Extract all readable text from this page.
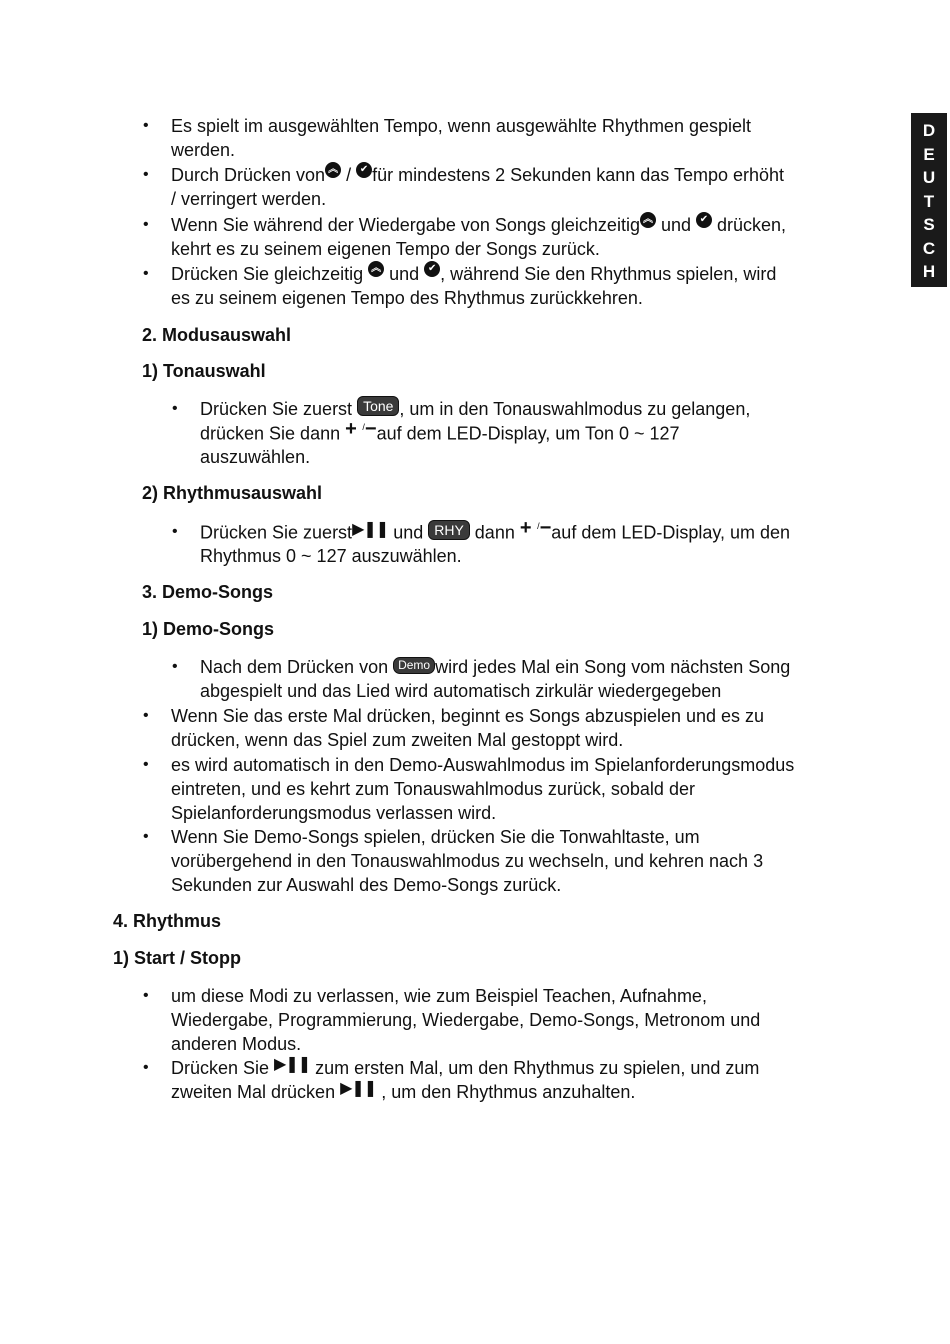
D
E
U
T
S
C
H
• Es spielt im ausgewählten Tempo, wenn ausgewählte Rhythmen gespielt
werden.
• Durch Drücken von ︽ / ✔ für mindestens 2 Sekunden kann das Tempo erhöht
/ verringert werden.
• Wenn Sie während der Wiedergabe von Songs gleichzeitig ︽ und ✔ drücken,
kehrt es zu seinem eigenen Tempo der Songs zurück.
• Drücken Sie gleichzeitig ︽ und ✔ , während Sie den Rhythmus spielen, wird
es zu seinem eigenen Tempo des Rhythmus zurückkehren.
2. Modusauswahl
1) Tonauswahl
• Drücken Sie zuerst Tone , um in den Tonauswahlmodus zu gelangen,
drücken Sie dann + /−auf dem LED-Display, um Ton 0 ~ 127
auszuwählen.
2) Rhythmusauswahl
• Drücken Sie zuerst▶❚❚ und RHY dann + /−auf dem LED-Display, um den
Rhythmus 0 ~ 127 auszuwählen.
3. Demo-Songs
1) Demo-Songs
• Nach dem Drücken von Demo wird jedes Mal ein Song vom nächsten Song
abgespielt und das Lied wird automatisch zirkulär wiedergegeben
• Wenn Sie das erste Mal drücken, beginnt es Songs abzuspielen und es zu
drücken, wenn das Spiel zum zweiten Mal gestoppt wird.
• es wird automatisch in den Demo-Auswahlmodus im Spielanforderungsmodus
eintreten, und es kehrt zum Tonauswahlmodus zurück, sobald der
Spielanforderungsmodus verlassen wird.
• Wenn Sie Demo-Songs spielen, drücken Sie die Tonwahltaste, um
vorübergehend in den Tonauswahlmodus zu wechseln, und kehren nach 3
Sekunden zur Auswahl des Demo-Songs zurück.
4. Rhythmus
1) Start / Stopp
• um diese Modi zu verlassen, wie zum Beispiel Teachen, Aufnahme,
Wiedergabe, Programmierung, Wiedergabe, Demo-Songs, Metronom und
anderen Modus.
• Drücken Sie ▶❚❚ zum ersten Mal, um den Rhythmus zu spielen, und zum
zweiten Mal drücken ▶❚❚ , um den Rhythmus anzuhalten.
